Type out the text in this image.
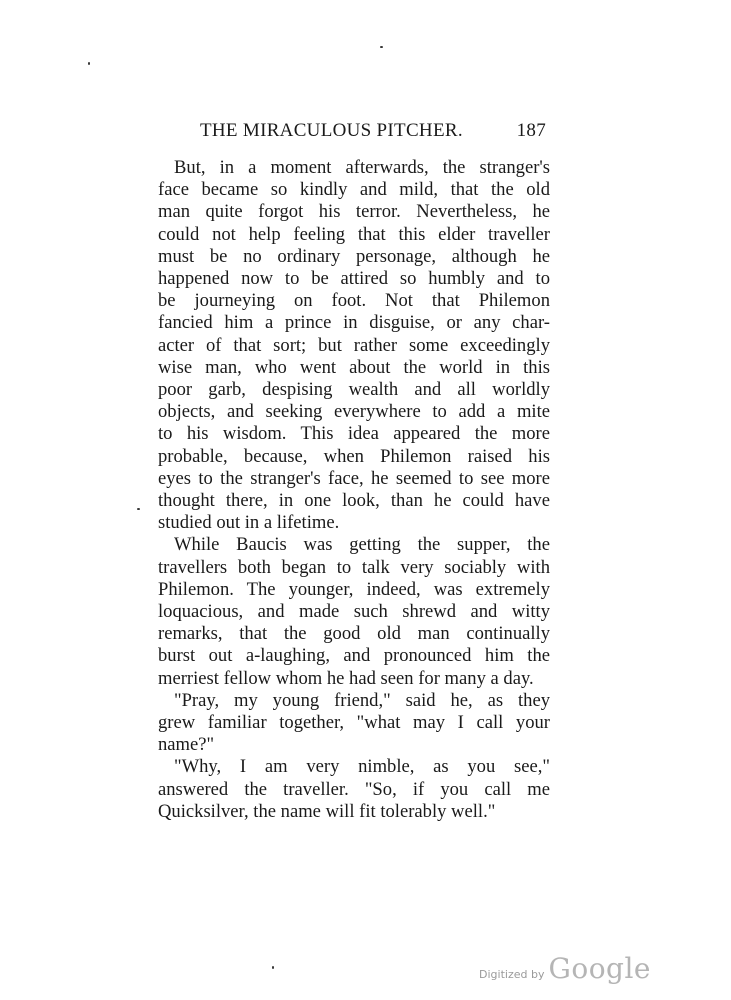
THE MIRACULOUS PITCHER.	187

But, in a moment afterwards, the stranger's
face became so kindly and mild, that the old
man quite forgot his terror. Nevertheless, he
could not help feeling that this elder traveller
must be no ordinary personage, although he
happened now to be attired so humbly and to
be journeying on foot. Not that Philemon
fancied him a prince in disguise, or any char-
acter of that sort; but rather some exceedingly
wise man, who went about the world in this
poor garb, despising wealth and all worldly
objects, and seeking everywhere to add a mite
to his wisdom. This idea appeared the more
probable, because, when Philemon raised his
eyes to the stranger's face, he seemed to see more
thought there, in one look, than he could have
studied out in a lifetime.

While Baucis was getting the supper, the
travellers both began to talk very sociably with
Philemon. The younger, indeed, was extremely
loquacious, and made such shrewd and witty
remarks, that the good old man continually
burst out a-laughing, and pronounced him the
merriest fellow whom he had seen for many a day.

"Pray, my young friend," said he, as they
grew familiar together, "what may I call your
name?"

"Why, I am very nimble, as you see,"
answered the traveller. "So, if you call me
Quicksilver, the name will fit tolerably well."

Digitized by Google
